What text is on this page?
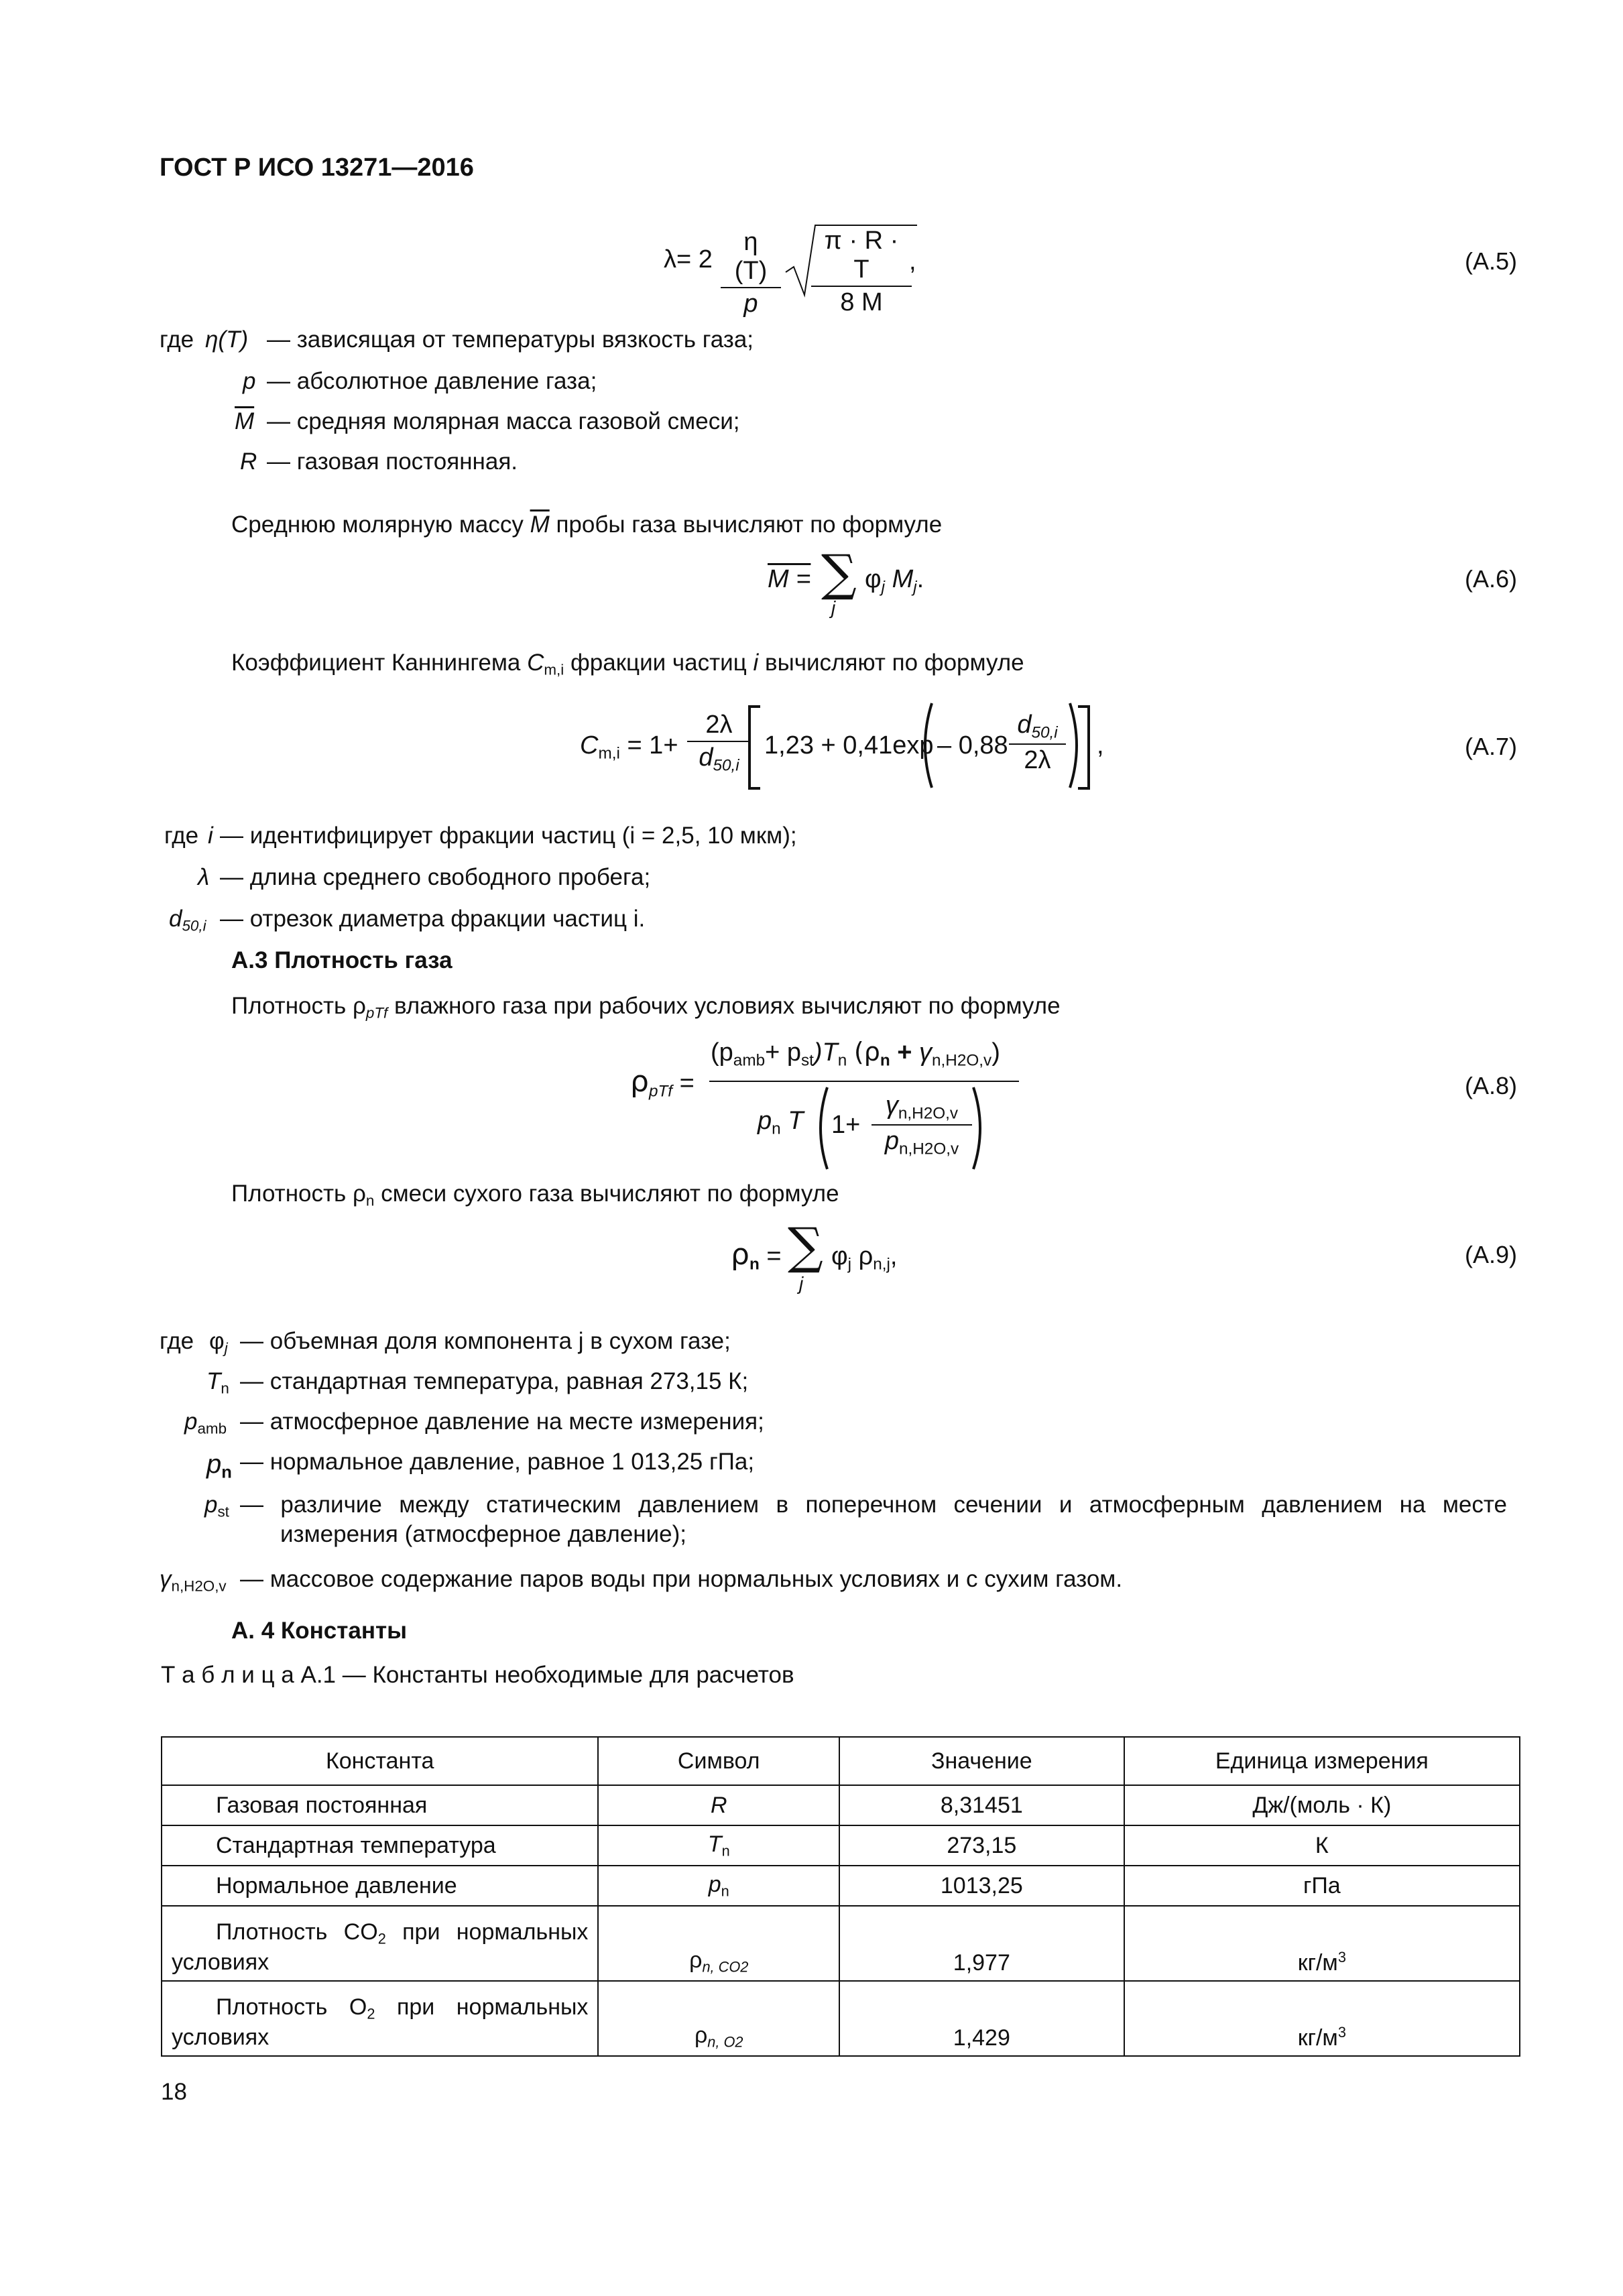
ГОСТ Р ИСО 13271—2016
$\lambda= 2 \frac{\eta (T)}{p} \frac{\pi \cdot R \cdot T}{8 M}$
,	(А.5)
где η(T) — зависящая от температуры вязкость газа;
p — абсолютное давление газа;
$\overline{M}$ — средняя молярная масса газовой смеси;
R — газовая постоянная.
Среднюю молярную массу $\overline{M}$ пробы газа вычисляют по формуле
M = ∑
j
$\varphi_j$ $M_j$.	(А.6)
Коэффициент Каннингема $C_{m,i}$ фракции частиц i вычисляют по формуле
$C_{m,i} = 1+ \frac{2\lambda}{d_{50,i}} 1,23 + 0,41\exp - 0,88 \frac{d_{50,i}}{2\lambda}$ ,	(А.7)
где i — идентифицирует фракции частиц (i = 2,5, 10 мкм);
λ — длина среднего свободного пробега;
$d_{50,i}$ — отрезок диаметра фракции частиц i.
А.3 Плотность газа
Плотность $\rho_{pTf}$ влажного газа при рабочих условиях вычисляют по формуле
$\rho_{pTf}$ =
$(p_{amb}+ p_{st})T_n$ $(\rho_n + \gamma_{n,H2O,v})$
$p_n$ T $1+ \frac{\gamma_{n,H2O,v}}{p_{n,H2O,v}}$
(А.8)
Плотность $\rho_n$ смеси сухого газа вычисляют по формуле
$\rho_n$ = ∑
j
$\varphi_j$ $\rho_{n,j}$,	(А.9)
где $\varphi_j$ — объемная доля компонента j в сухом газе;
$T_n$ — стандартная температура, равная 273,15 К;
$p_{amb}$ — атмосферное давление на месте измерения;
$p_n$ — нормальное давление, равное 1 013,25 гПа;
$p_{st}$ — различие между статическим давлением в поперечном сечении и атмосферным давлением на месте
измерения (атмосферное давление);
$\gamma_{n,H2O,v}$ — массовое содержание паров воды при нормальных условиях и с сухим газом.
А. 4 Константы
Т а б л и ц а А.1 — Константы необходимые для расчетов
Константа	Символ	Значение	Единица измерения
Газовая постоянная	R	8,31451	Дж/(моль · К)
Стандартная температура	$T_n$	273,15	К
Нормальное давление	$p_n$	1013,25	гПа

Плотность $CO_2$ при нормальных
условиях	$\rho_{n, CO2}$	1,977	$кг/м^3$

Плотность $O_2$ при нормальных
условиях	$\rho_{n, O2}$	1,429	$кг/м^3$
18
